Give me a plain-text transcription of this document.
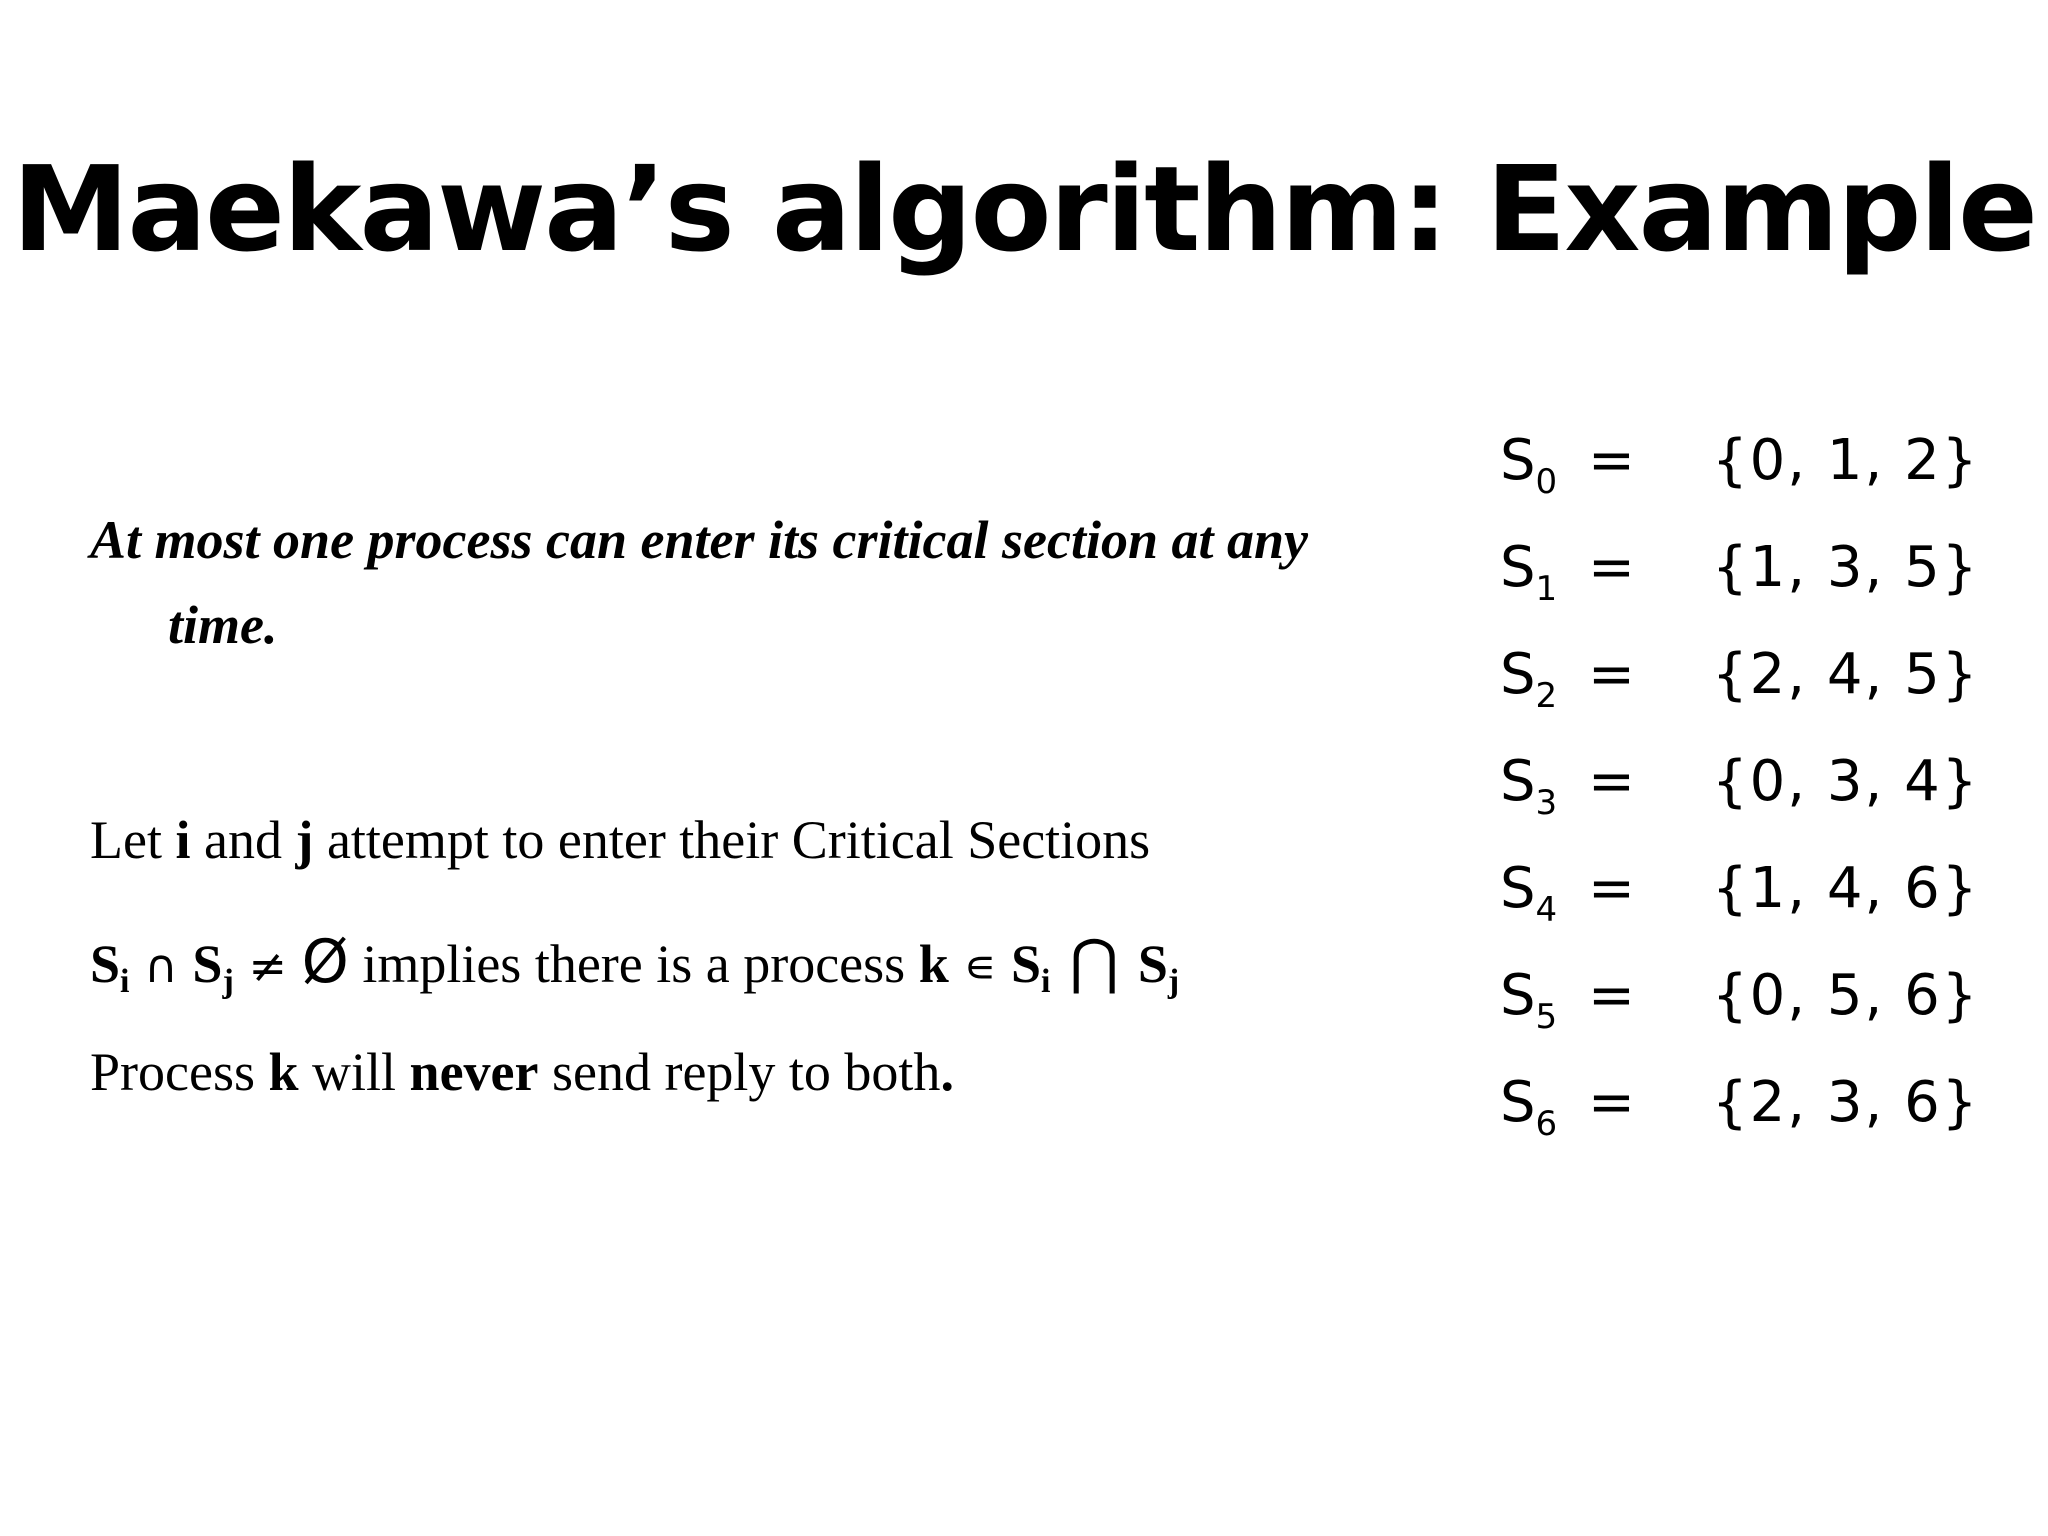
Maekawa’s algorithm: Example
At most one process can enter its critical section at any
time.
Let i and j attempt to enter their Critical Sections
$S_i$ ∩ $S_j$ ≠ Ø implies there is a process k ∊ $S_i$ ⋂ $S_j$
Process k will never send reply to both.
$S_0 = \{0$, 1, 2}
$S_1 = \{1$, 3, 5}
$S_2 = \{2$, 4, 5}
$S_3 = \{0$, 3, 4}
$S_4 = \{1$, 4, 6}
$S_5 = \{0$, 5, 6}
$S_6 = \{2$, 3, 6}
